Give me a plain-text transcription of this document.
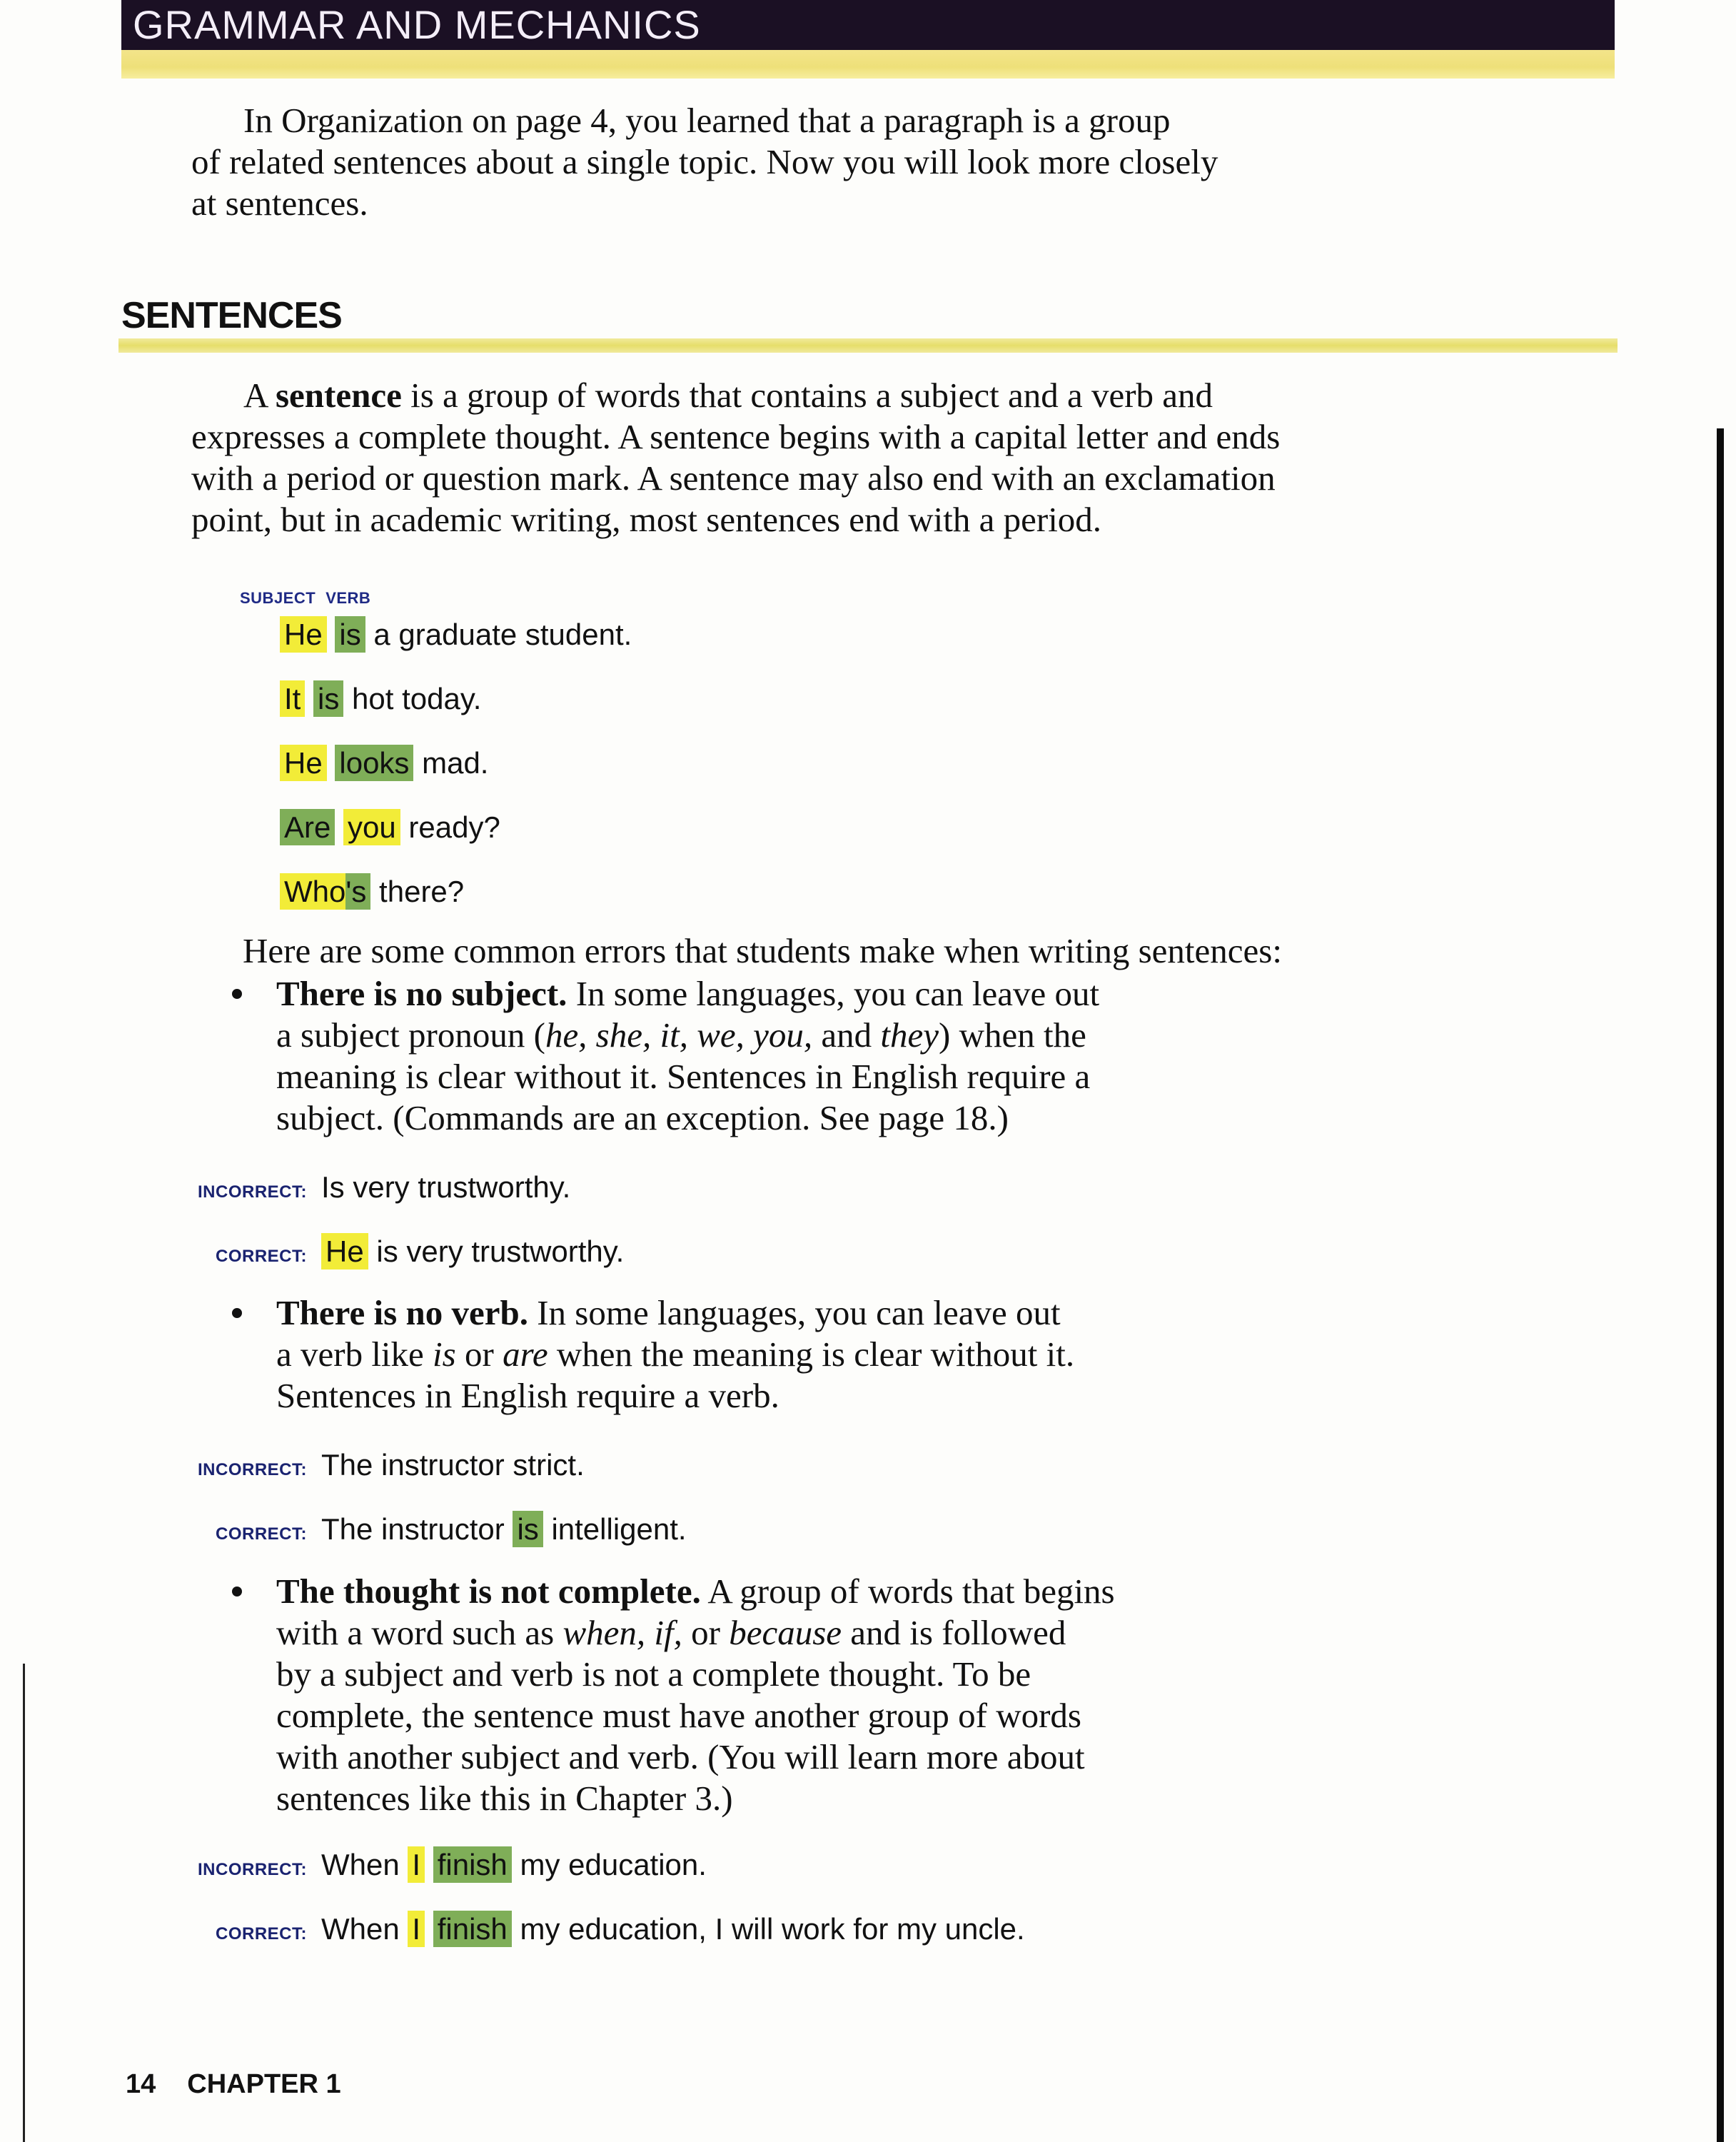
GRAMMAR AND MECHANICS
In Organization on page 4, you learned that a paragraph is a group
of related sentences about a single topic. Now you will look more closely
at sentences.
SENTENCES
A sentence is a group of words that contains a subject and a verb and
expresses a complete thought. A sentence begins with a capital letter and ends
with a period or question mark. A sentence may also end with an exclamation
point, but in academic writing, most sentences end with a period.
SUBJECT VERB
He is a graduate student.
It is hot today.
He looks mad.
Are you ready?
Who's there?
Here are some common errors that students make when writing sentences:
There is no subject. In some languages, you can leave out
a subject pronoun (he, she, it, we, you, and they) when the
meaning is clear without it. Sentences in English require a
subject. (Commands are an exception. See page 18.)
INCORRECT: Is very trustworthy.
CORRECT: He is very trustworthy.
There is no verb. In some languages, you can leave out
a verb like is or are when the meaning is clear without it.
Sentences in English require a verb.
INCORRECT: The instructor strict.
CORRECT: The instructor is intelligent.
The thought is not complete. A group of words that begins
with a word such as when, if, or because and is followed
by a subject and verb is not a complete thought. To be
complete, the sentence must have another group of words
with another subject and verb. (You will learn more about
sentences like this in Chapter 3.)
INCORRECT: When I finish my education.
CORRECT: When I finish my education, I will work for my uncle.
14 CHAPTER 1
